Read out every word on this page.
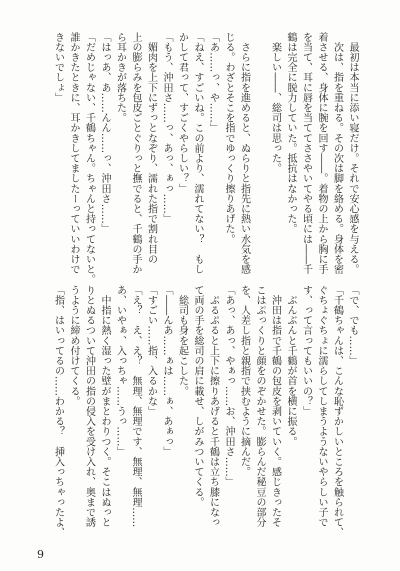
　最初は本当に添い寝だけ。それで安心感を与える。
　次は、指を重ねる。その次は脚を絡める。身体を密
着させる、身体に腕を回す――。着物の上から胸に手
を当て、耳に唇を当ててささやいてやる頃には――千
鶴は完全に脱力していた。抵抗はなかった。
　楽しい――、総司は思った。
　さらに指を進めると、ぬらりと指先に熱い水気を感
じる。わざとそこを指でゆっくり擦りあげた。
「あ……っ、や……」
「ねえ、すごいね。この前より、濡れてない？　もし
かして君って、すごくやらしい？」
「もう、沖田さ……っ、あっ、ぁっ……」
　媚肉を上下にずっとなぞり、濡れた指で割れ目の
上の膨らみを包皮ごとぐりっと撫でると、千鶴の手か
ら耳かきが落ちた。
「はっあ、あ……んん……っ、沖田さ……」
「だめじゃない、千鶴ちゃん。ちゃんと持ってないと。
誰かきたときに、耳かきしてましたーっていいわけで
きないでしょ」
「で、でも……」
「千鶴ちゃんは、こんな恥ずかしいところを触られて、
ぐちょぐちょに濡らしてしまうようないやらしい子で
す、って言ってもいいの？」
　ぶんぶんと千鶴が首を横に振る。
　沖田は指で千鶴の包皮を剥いていく。感じきったそ
こはぷっくりと顔をのぞかせた。膨らんだ秘豆の部分
を、人差し指と親指で挟むように摘んだ。
「あっ、あっ、やぁっ……お、沖田さ……」
　ぷるぷると上下に擦りあげると千鶴は立ち膝になっ
て両の手を総司の肩に載せ、しがみついてくる。
　総司も身を起こした。
「――んあ……ぁは……ぁ、あぁっ」
「すごい……指、入るかな」
「え？　え、え？　無理、無理です、無理、無理……
あ、いやぁ、入っちゃ……うっ……」
　中指に熱く湿った壁がまとわりつく。そこはぬっと
りとぬるついて沖田の指の侵入を受け入れ、奥まで誘
うように締め付けてくる。
「指、はいってるの……わかる？　挿入っちゃったよ、
9
